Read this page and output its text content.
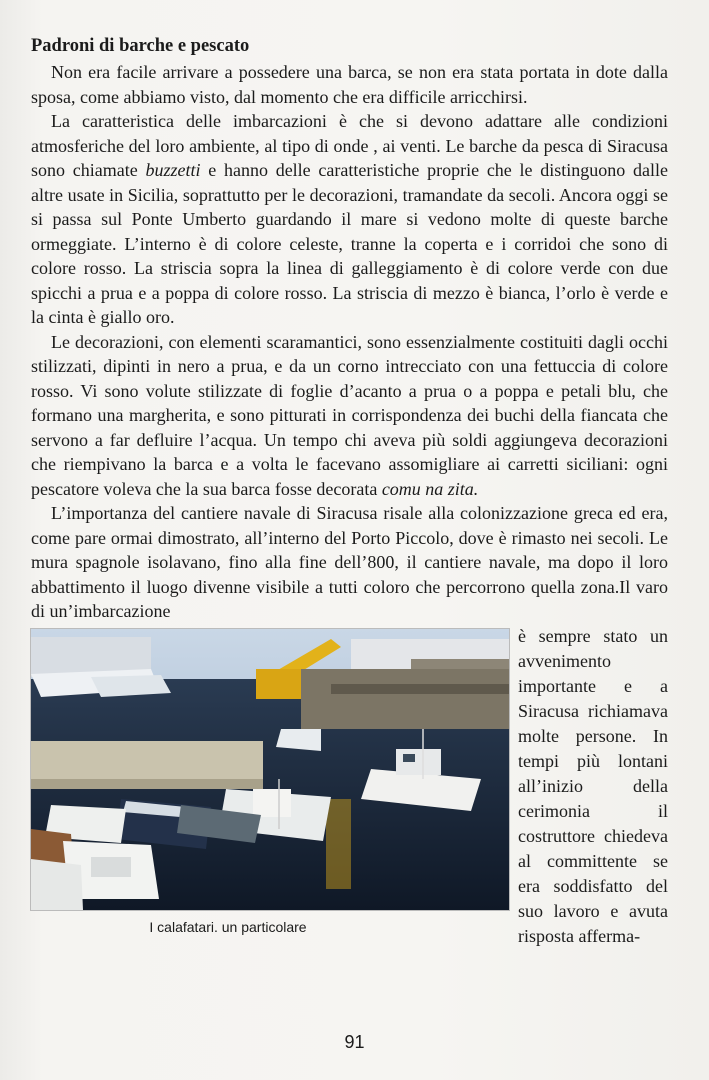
Padroni di barche e pescato

Non era facile arrivare a possedere una barca, se non era stata portata in dote dalla sposa, come abbiamo visto, dal momento che era difficile arricchirsi.

La caratteristica delle imbarcazioni è che si devono adattare alle condizioni atmosferiche del loro ambiente, al tipo di onde , ai venti. Le barche da pesca di Siracusa sono chiamate buzzetti e hanno delle caratteristiche proprie che le distinguono dalle altre usate in Sicilia, soprattutto per le decorazioni, tramandate da secoli. Ancora oggi se si passa sul Ponte Umberto guardando il mare si vedono molte di queste barche ormeggiate. L’interno è di colore celeste, tranne la coperta e i corridoi che sono di colore rosso. La striscia sopra la linea di galleggiamento è di colore verde con due spicchi a prua e a poppa di colore rosso. La striscia di mezzo è bianca, l’orlo è verde e la cinta è giallo oro.

Le decorazioni, con elementi scaramantici, sono essenzialmente costituiti dagli occhi stilizzati, dipinti in nero a prua, e da un corno intrecciato con una fettuccia di colore rosso. Vi sono volute stilizzate di foglie d’acanto a prua o a poppa e petali blu, che formano una margherita, e sono pitturati in corrispondenza dei buchi della fiancata che servono a far defluire l’acqua. Un tempo chi aveva più soldi aggiungeva decorazioni che riempivano la barca e a volta le facevano assomigliare ai carretti siciliani: ogni pescatore voleva che la sua barca fosse decorata comu na zita.

L’importanza del cantiere navale di Siracusa risale alla colonizzazione greca ed era, come pare ormai dimostrato, all’interno del Porto Piccolo, dove è rimasto nei secoli. Le mura spagnole isolavano, fino alla fine dell’800, il cantiere navale, ma dopo il loro abbattimento il luogo divenne visibile a tutti coloro che percorrono quella zona.Il varo di un’imbarcazione

I calafatari. un particolare
è sempre stato un avvenimento importante e a Siracusa richiamava molte persone. In tempi più lontani all’inizio della cerimonia il costruttore chiedeva al committente se era soddisfatto del suo lavoro e avuta risposta afferma-
91
